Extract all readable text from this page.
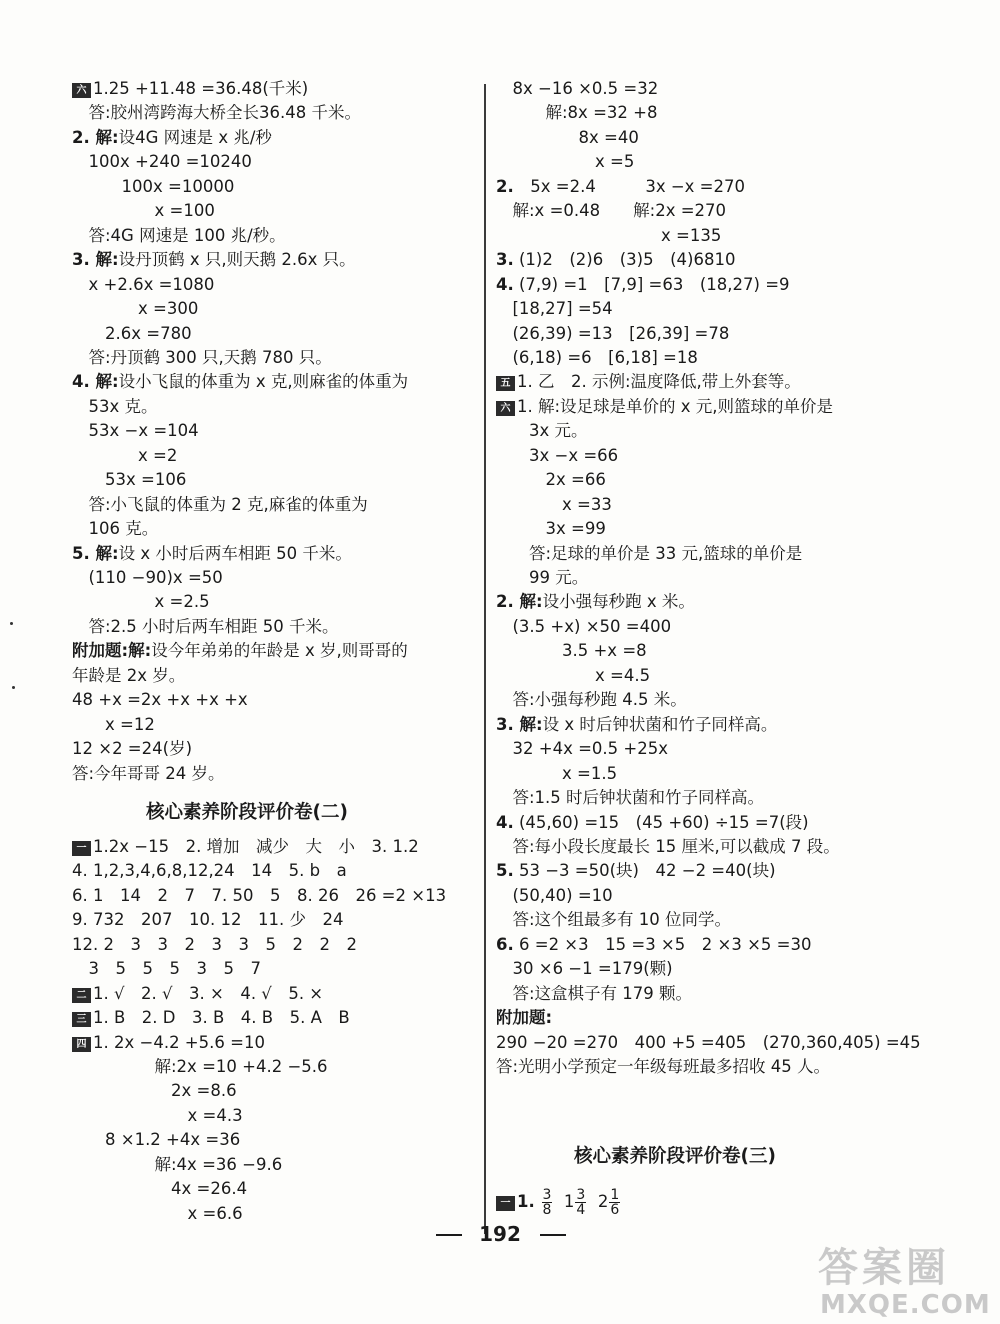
六 1.25 +11.48 =36.48(千米)
　答:胶州湾跨海大桥全长36.48 千米。
2. 解:设4G 网速是 x 兆/秒
　100x +240 =10240
　　　100x =10000
　　　　　x =100
　答:4G 网速是 100 兆/秒。
3. 解:设丹顶鹤 x 只,则天鹅 2.6x 只。
　x +2.6x =1080
　　　　x =300
　　2.6x =780
　答:丹顶鹤 300 只,天鹅 780 只。
4. 解:设小飞鼠的体重为 x 克,则麻雀的体重为
　53x 克。
　53x −x =104
　　　　x =2
　　53x =106
　答:小飞鼠的体重为 2 克,麻雀的体重为
　106 克。
5. 解:设 x 小时后两车相距 50 千米。
　(110 −90)x =50
　　　　　x =2.5
　答:2.5 小时后两车相距 50 千米。
附加题:解:设今年弟弟的年龄是 x 岁,则哥哥的
年龄是 2x 岁。
48 +x =2x +x +x +x
　　x =12
12 ×2 =24(岁)
答:今年哥哥 24 岁。
一 1.2x −15　2. 增加　减少　大　小　3. 1.2
4. 1,2,3,4,6,8,12,24　14　5. b　a
6. 1　14　2　7　7. 50　5　8. 26　26 =2 ×13
9. 732　207　10. 12　11. 少　24
12. 2　3　3　2　3　3　5　2　2　2
　3　5　5　5　3　5　7
二 1. √　2. √　3. ×　4. √　5. ×
三 1. B　2. D　3. B　4. B　5. A　B
四 1. 2x −4.2 +5.6 =10
　　　　　解:2x =10 +4.2 −5.6
　　　　　　2x =8.6
　　　　　　　x =4.3
　　8 ×1.2 +4x =36
　　　　　解:4x =36 −9.6
　　　　　　4x =26.4
　　　　　　　x =6.6
　8x −16 ×0.5 =32
　　　解:8x =32 +8
　　　　　8x =40
　　　　　　x =5
2.　5x =2.4　　　3x −x =270
　解:x =0.48　　解:2x =270
　　　　　　　　　　x =135
3. (1)2　(2)6　(3)5　(4)6810
4. (7,9) =1　[7,9] =63　(18,27) =9
　[18,27] =54
　(26,39) =13　[26,39] =78
　(6,18) =6　[6,18] =18
五 1. 乙　2. 示例:温度降低,带上外套等。
六 1. 解:设足球是单价的 x 元,则篮球的单价是
　　3x 元。
　　3x −x =66
　　　2x =66
　　　　x =33
　　　3x =99
　　答:足球的单价是 33 元,篮球的单价是
　　99 元。
2. 解:设小强每秒跑 x 米。
　(3.5 +x) ×50 =400
　　　　3.5 +x =8
　　　　　　x =4.5
　答:小强每秒跑 4.5 米。
3. 解:设 x 时后钟状菌和竹子同样高。
　32 +4x =0.5 +25x
　　　　x =1.5
　答:1.5 时后钟状菌和竹子同样高。
4. (45,60) =15　(45 +60) ÷15 =7(段)
　答:每小段长度最长 15 厘米,可以截成 7 段。
5. 53 −3 =50(块)　42 −2 =40(块)
　(50,40) =10
　答:这个组最多有 10 位同学。
6. 6 =2 ×3　15 =3 ×5　2 ×3 ×5 =30
　30 ×6 −1 =179(颗)
　答:这盒棋子有 179 颗。
附加题:
290 −20 =270　400 +5 =405　(270,360,405) =45
答:光明小学预定一年级每班最多招收 45 人。
核心素养阶段评价卷(二)
核心素养阶段评价卷(三)
一 1. $\frac{3}{8} 1 \frac{3}{4} 2 \frac{1}{6}$
192
答案圈
MXQE.COM
